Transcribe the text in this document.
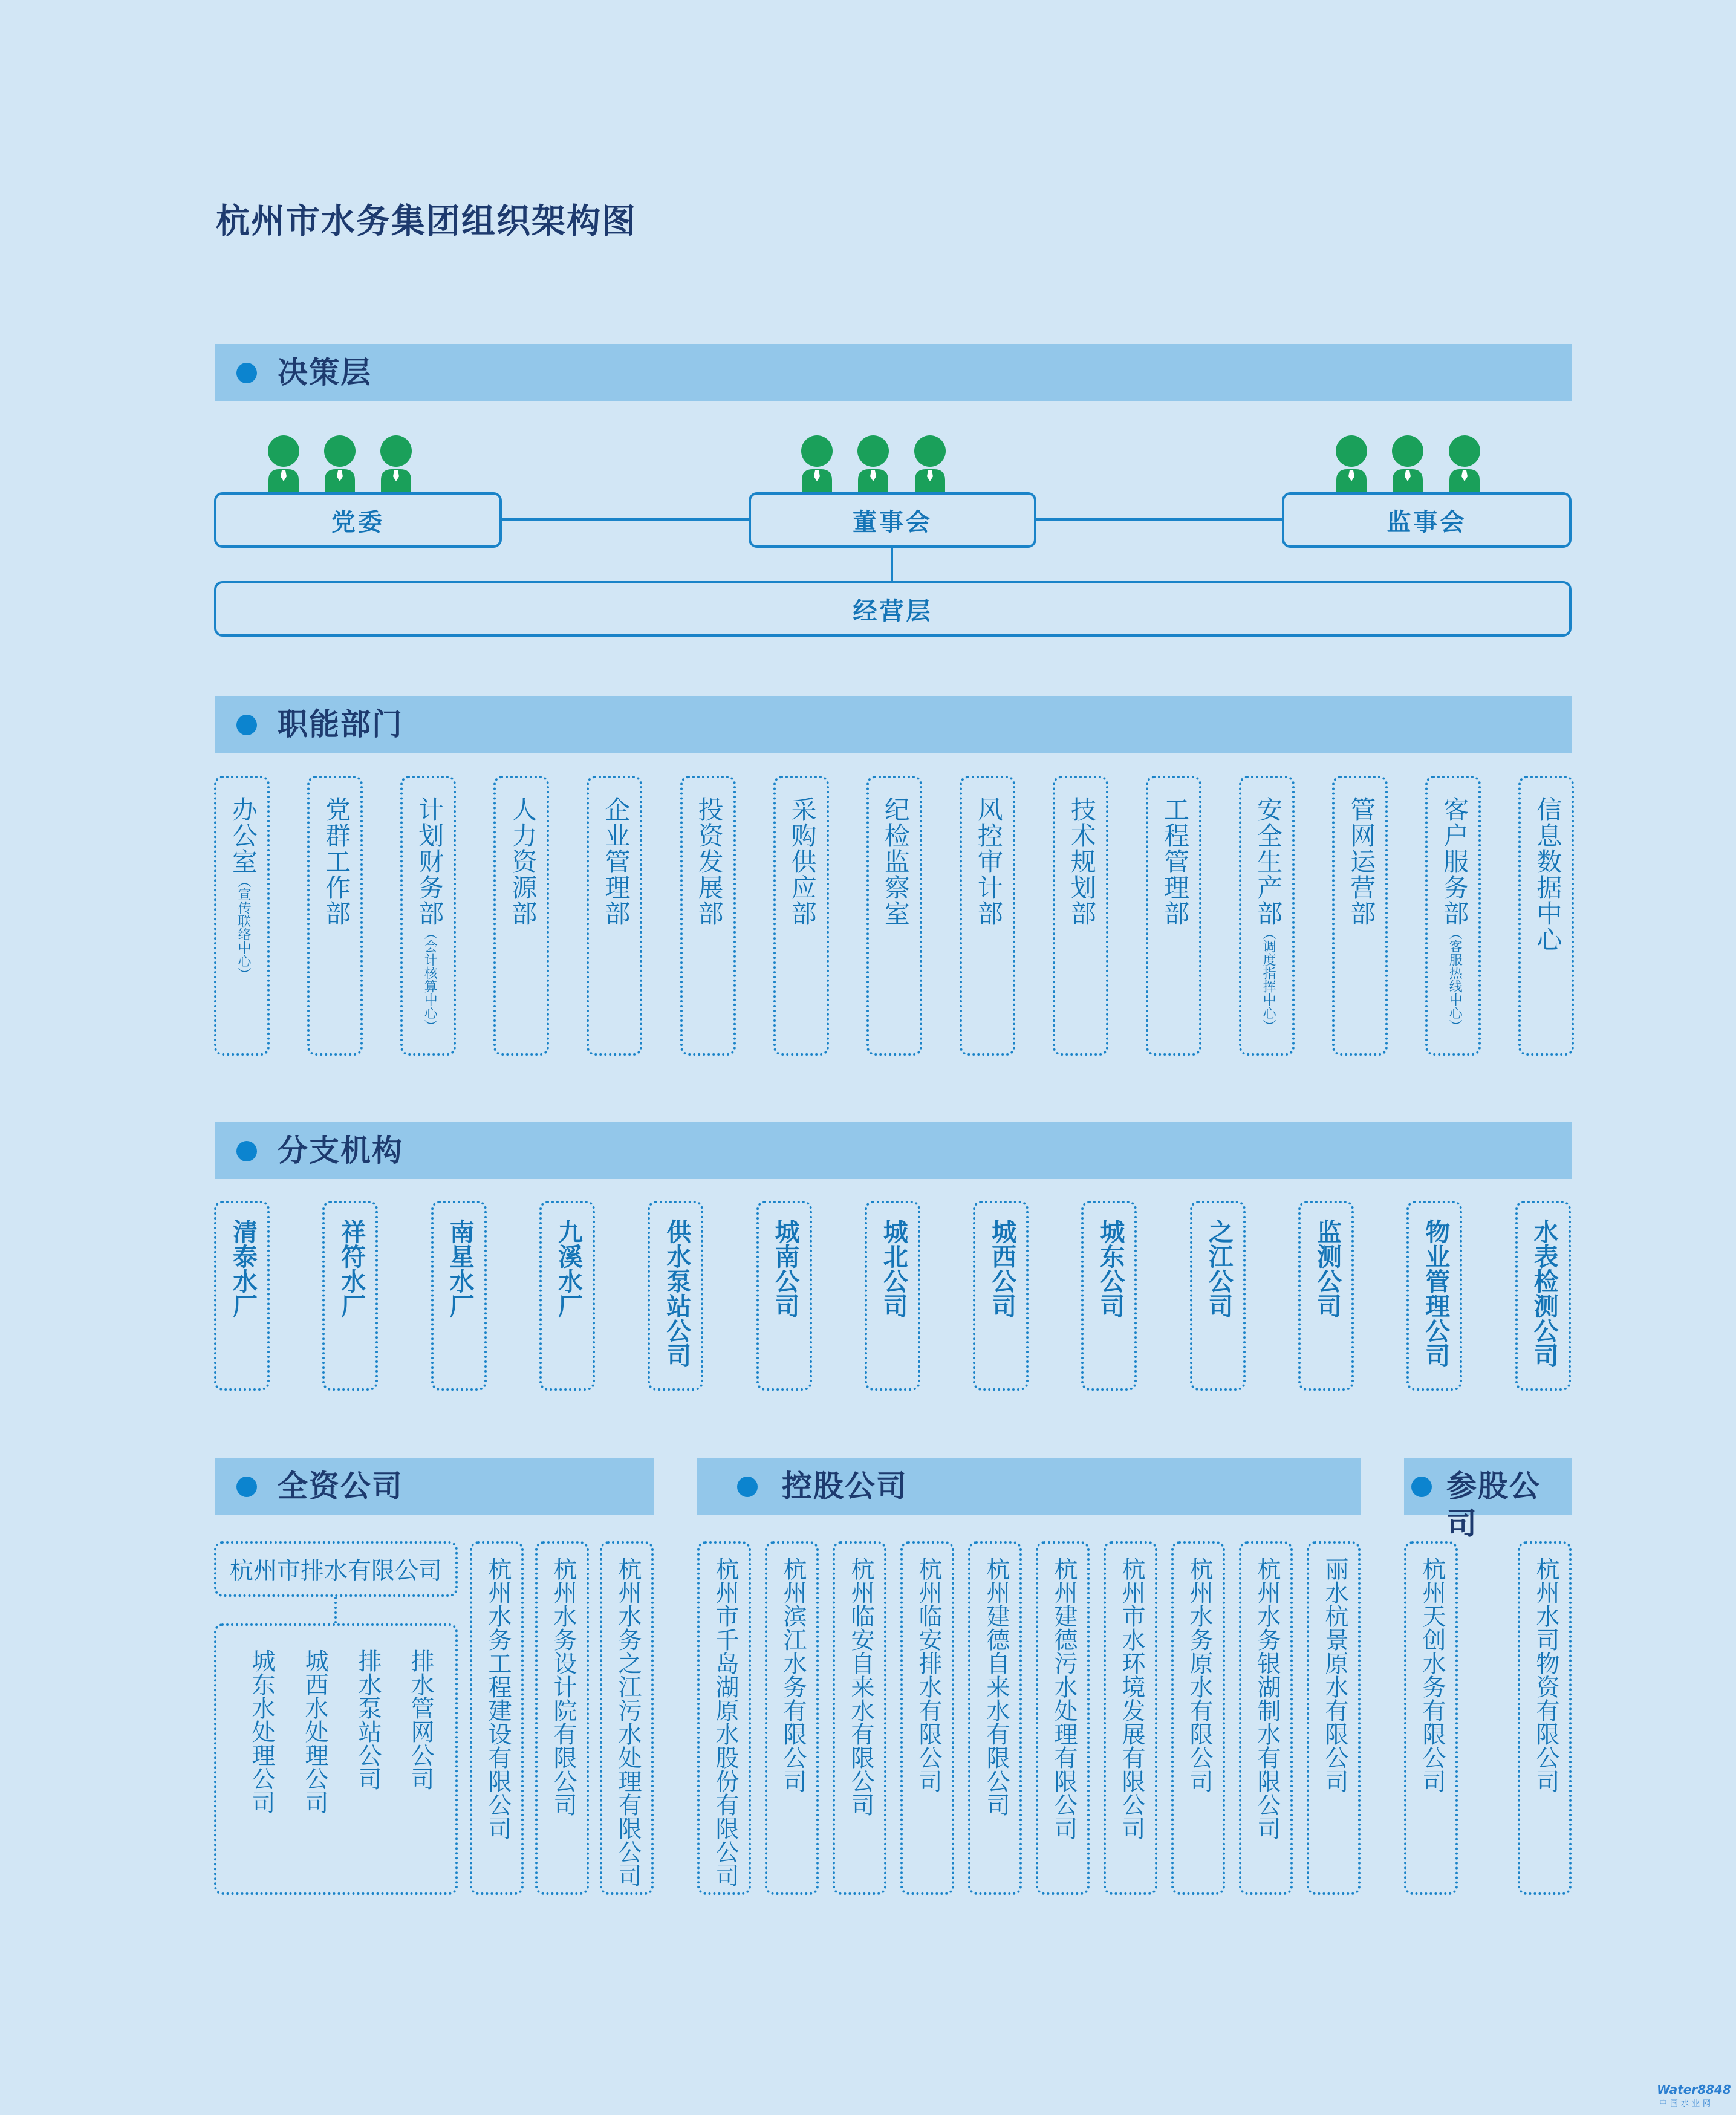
杭州市水务集团组织架构图
决策层
党委	董事会	监事会
经营层
职能部门
办公室（宣传联络中心）
党群工作部	计划财务部（会计核算中心）
人力资源部	企业管理部	投资发展部	采购供应部	纪检监察室	风控审计部	技术规划部	工程管理部	安全生产部（调度指挥中心）
管网运营部	客户服务部（客服热线中心）
信息数据中心
分支机构
清泰水厂	祥符水厂	南星水厂	九溪水厂	供水泵站公司	城南公司	城北公司	城西公司	城东公司	之江公司	监测公司	物业管理公司	水表检测公司
全资公司	控股公司	参股公司
杭州市排水有限公司
城东水处理公司 城西水处理公司 排水泵站公司 排水管网公司 杭州水务工程建设有限公司 杭州水务设计院有限公司 杭州水务之江污水处理有限公司	杭州市千岛湖原水股份有限公司 杭州滨江水务有限公司 杭州临安自来水有限公司 杭州临安排水有限公司 杭州建德自来水有限公司 杭州建德污水处理有限公司 杭州市水环境发展有限公司 杭州水务原水有限公司 杭州水务银湖制水有限公司 丽水杭景原水有限公司	杭州天创水务有限公司	杭州水司物资有限公司
Water8848
中国水业网
